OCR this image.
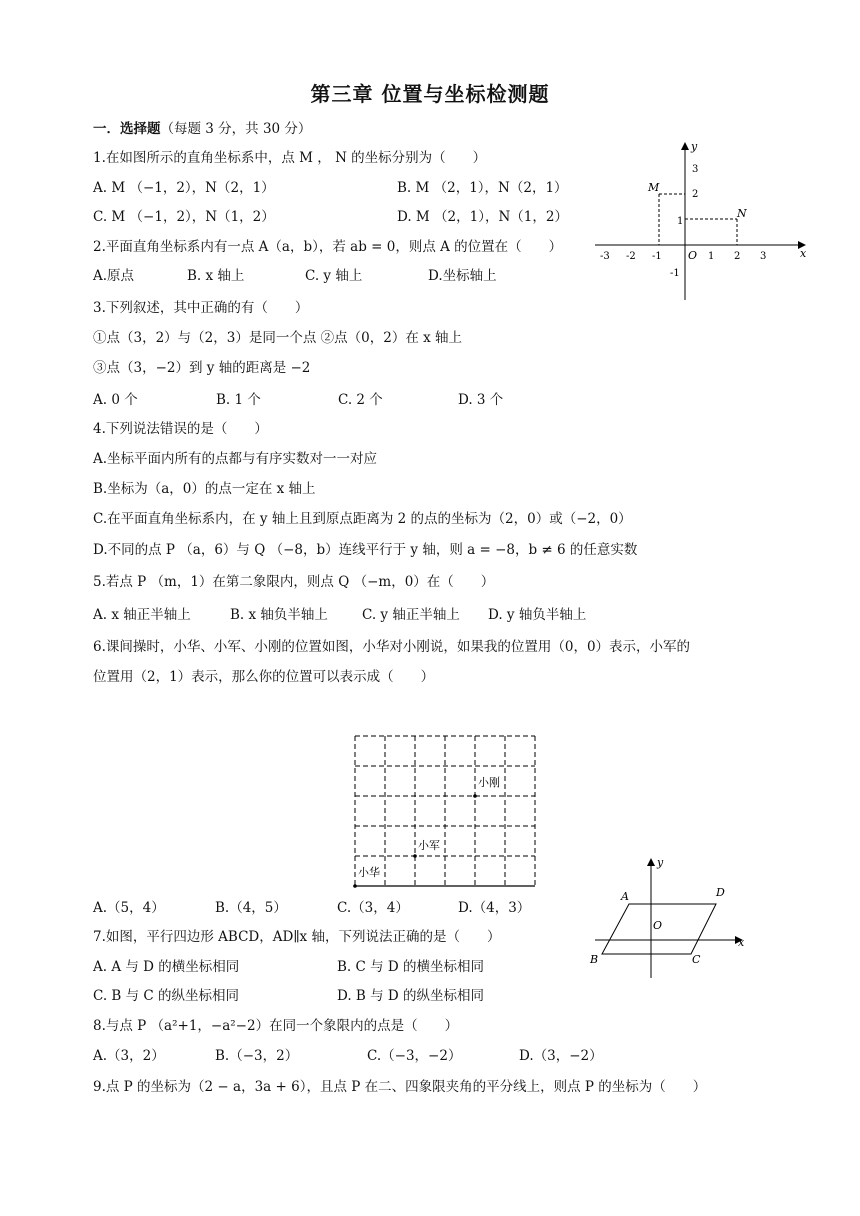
第三章 位置与坐标检测题
一．选择题（每题 3 分，共 30 分）
1.在如图所示的直角坐标系中，点 M ， N 的坐标分别为（　　）
A. M （−1，2），N（2，1）	B. M （2，1），N（2，1）
C. M （−1，2），N（1，2）	D. M （2，1），N（1，2）
x
y
O
-3 -2 -1	1 2 3
3
2
1
-1
M
N
2.平面直角坐标系内有一点 A（a，b），若 ab = 0，则点 A 的位置在（　　）
A.原点	B. x 轴上	C. y 轴上	D.坐标轴上
3.下列叙述，其中正确的有（　　）
①点（3，2）与（2，3）是同一个点 ②点（0，2）在 x 轴上
③点（3，−2）到 y 轴的距离是 −2
A. 0 个	B. 1 个	C. 2 个	D. 3 个
4.下列说法错误的是（　　）
A.坐标平面内所有的点都与有序实数对一一对应
B.坐标为（a，0）的点一定在 x 轴上
C.在平面直角坐标系内，在 y 轴上且到原点距离为 2 的点的坐标为（2，0）或（−2，0）
D.不同的点 P （a，6）与 Q （−8，b）连线平行于 y 轴，则 a = −8，b ≠ 6 的任意实数
5.若点 P （m，1）在第二象限内，则点 Q （−m，0）在（　　）
A. x 轴正半轴上	B. x 轴负半轴上	C. y 轴正半轴上 D. y 轴负半轴上
6.课间操时，小华、小军、小刚的位置如图，小华对小刚说，如果我的位置用（0，0）表示，小军的
位置用（2，1）表示，那么你的位置可以表示成（　　）
小华
小军
小刚
A.（5，4）	B.（4，5）	C.（3，4）	D.（4，3）
x
y
O
A	D
B	C
7.如图，平行四边形 ABCD，AD∥x 轴，下列说法正确的是（　　）
A. A 与 D 的横坐标相同	B. C 与 D 的横坐标相同
C. B 与 C 的纵坐标相同	D. B 与 D 的纵坐标相同
8.与点 P （a²+1，−a²−2）在同一个象限内的点是（　　）
A.（3，2）	B.（−3，2）	C.（−3，−2）	D.（3，−2）
9.点 P 的坐标为（2 − a，3a + 6），且点 P 在二、四象限夹角的平分线上，则点 P 的坐标为（　　）
